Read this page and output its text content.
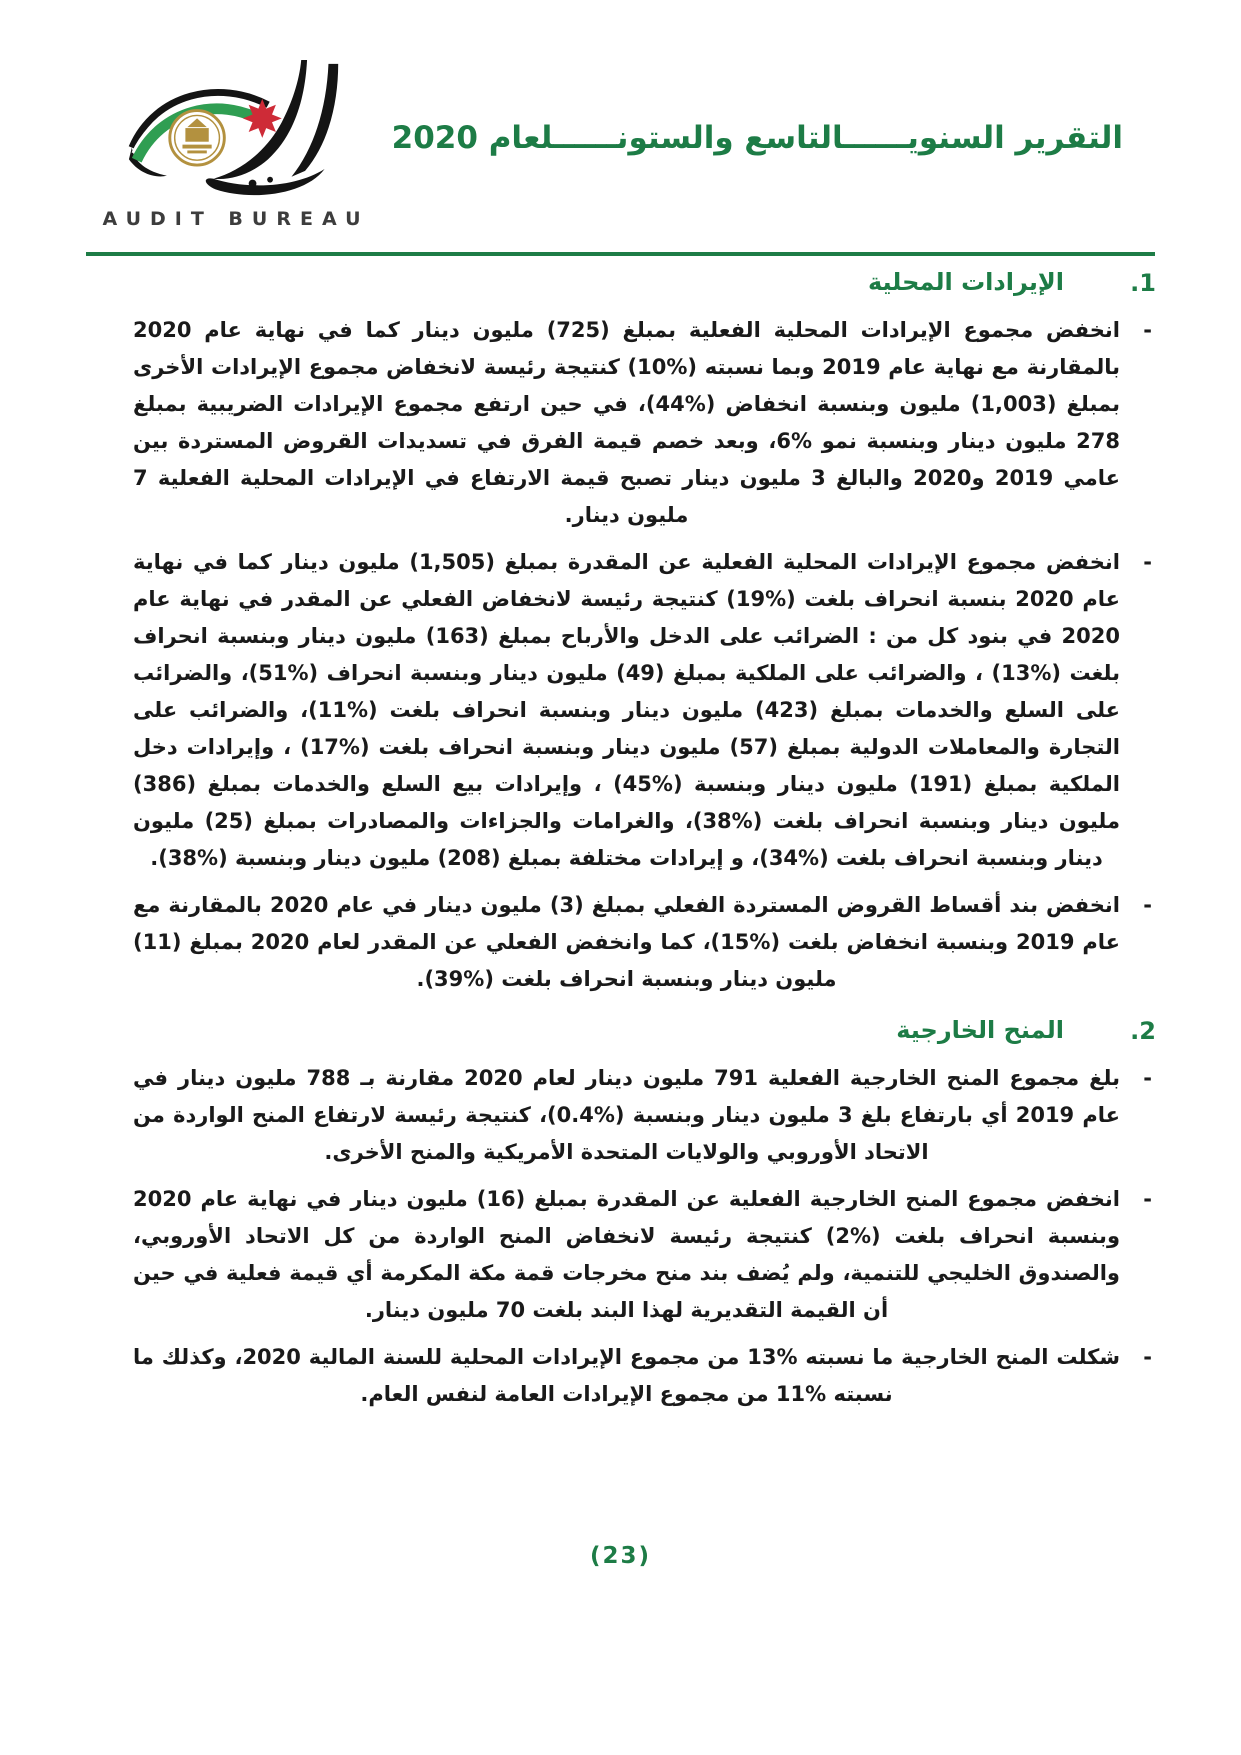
AUDIT BUREAU
التقرير السنويــــــالتاسع والستونــــــلعام 2020
1.
الإيرادات المحلية
-

انخفض مجموع الإيرادات المحلية الفعلية بمبلغ (725) مليون دينار كما في نهاية عام 2020 بالمقارنة مع نهاية عام 2019 وبما نسبته (%10) كنتيجة رئيسة لانخفاض مجموع الإيرادات الأخرى بمبلغ (1,003) مليون وبنسبة انخفاض (%44)، في حين ارتفع مجموع الإيرادات الضريبية بمبلغ 278 مليون دينار وبنسبة نمو %6، وبعد خصم قيمة الفرق في تسديدات القروض المستردة بين عامي 2019 و2020 والبالغ 3 مليون دينار تصبح قيمة الارتفاع في الإيرادات المحلية الفعلية 7 مليون دينار.

-

انخفض مجموع الإيرادات المحلية الفعلية عن المقدرة بمبلغ (1,505) مليون دينار كما في نهاية عام 2020 بنسبة انحراف بلغت (%19) كنتيجة رئيسة لانخفاض الفعلي عن المقدر في نهاية عام 2020 في بنود كل من : الضرائب على الدخل والأرباح بمبلغ (163) مليون دينار وبنسبة انحراف بلغت (%13) ، والضرائب على الملكية بمبلغ (49) مليون دينار وبنسبة انحراف (%51)، والضرائب على السلع والخدمات بمبلغ (423) مليون دينار وبنسبة انحراف بلغت (%11)، والضرائب على التجارة والمعاملات الدولية بمبلغ (57) مليون دينار وبنسبة انحراف بلغت (%17) ، وإيرادات دخل الملكية بمبلغ (191) مليون دينار وبنسبة (%45) ، وإيرادات بيع السلع والخدمات بمبلغ (386) مليون دينار وبنسبة انحراف بلغت (%38)، والغرامات والجزاءات والمصادرات بمبلغ (25) مليون دينار وبنسبة انحراف بلغت (%34)، و إيرادات مختلفة بمبلغ (208) مليون دينار وبنسبة (%38).

-

انخفض بند أقساط القروض المستردة الفعلي بمبلغ (3) مليون دينار في عام 2020 بالمقارنة مع عام 2019 وبنسبة انخفاض بلغت (%15)، كما وانخفض الفعلي عن المقدر لعام 2020 بمبلغ (11) مليون دينار وبنسبة انحراف بلغت (%39).

2.
المنح الخارجية
-

بلغ مجموع المنح الخارجية الفعلية 791 مليون دينار لعام 2020 مقارنة بـ 788 مليون دينار في عام 2019 أي بارتفاع بلغ 3 مليون دينار وبنسبة (%0.4)، كنتيجة رئيسة لارتفاع المنح الواردة من الاتحاد الأوروبي والولايات المتحدة الأمريكية والمنح الأخرى.

-

انخفض مجموع المنح الخارجية الفعلية عن المقدرة بمبلغ (16) مليون دينار في نهاية عام 2020 وبنسبة انحراف بلغت (%2) كنتيجة رئيسة لانخفاض المنح الواردة من كل الاتحاد الأوروبي، والصندوق الخليجي للتنمية، ولم يُضف بند منح مخرجات قمة مكة المكرمة أي قيمة فعلية في حين أن القيمة التقديرية لهذا البند بلغت 70 مليون دينار.

-

شكلت المنح الخارجية ما نسبته %13 من مجموع الإيرادات المحلية للسنة المالية 2020، وكذلك ما نسبته %11 من مجموع الإيرادات العامة لنفس العام.

(23)
